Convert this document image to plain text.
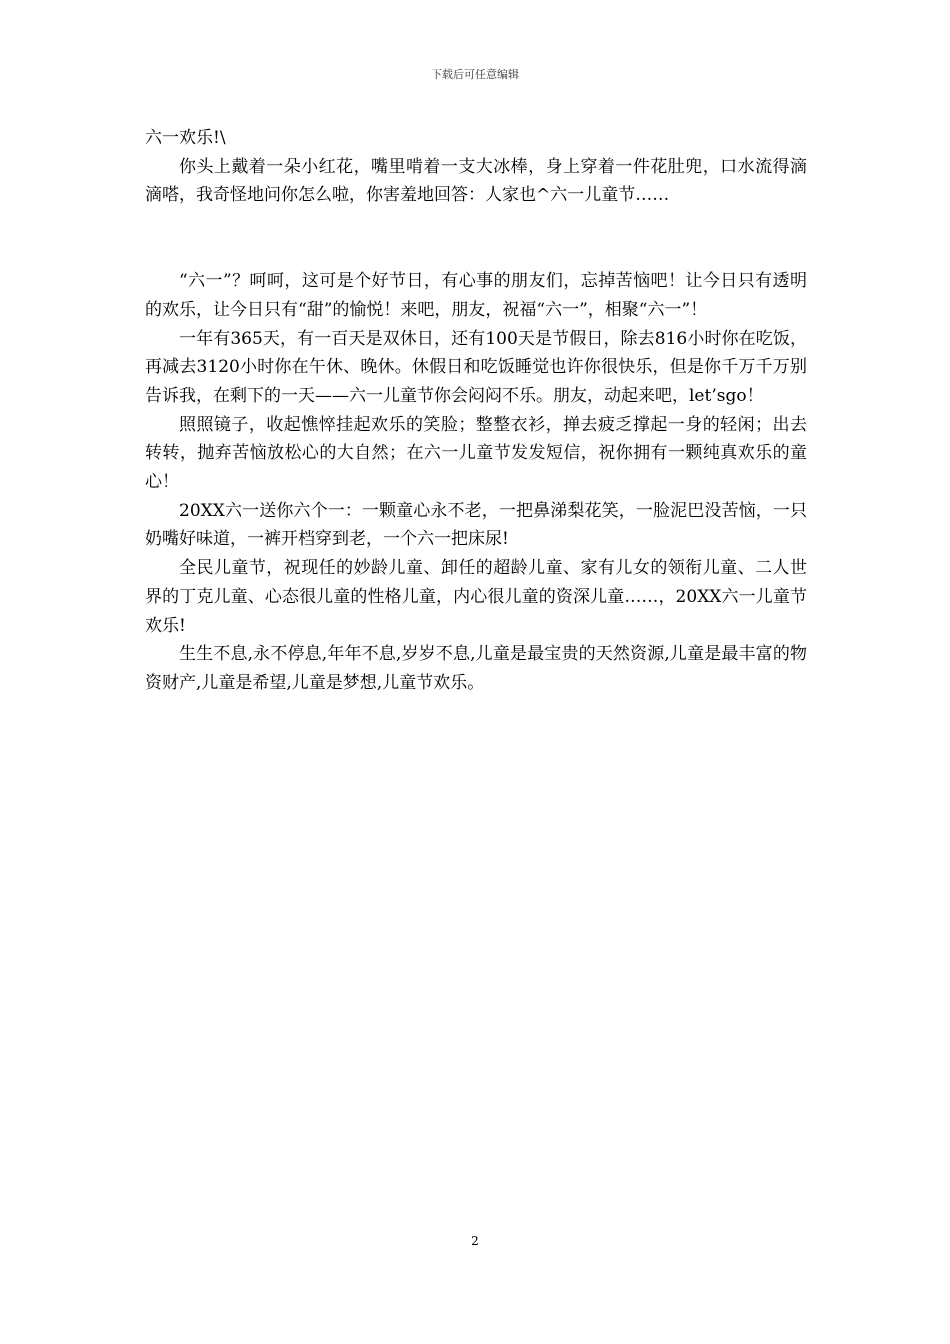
下载后可任意编辑

六一欢乐!\

你头上戴着一朵小红花，嘴里啃着一支大冰棒，身上穿着一件花肚兜，口水流得滴滴嗒，我奇怪地问你怎么啦，你害羞地回答：人家也^六一儿童节……

“六一”？呵呵，这可是个好节日，有心事的朋友们，忘掉苦恼吧！让今日只有透明的欢乐，让今日只有“甜”的愉悦！来吧，朋友，祝福“六一”，相聚“六一”！

一年有365天，有一百天是双休日，还有100天是节假日，除去816小时你在吃饭，再减去3120小时你在午休、晚休。休假日和吃饭睡觉也许你很快乐，但是你千万千万别告诉我，在剩下的一天——六一儿童节你会闷闷不乐。朋友，动起来吧，let’sgo！

照照镜子，收起憔悴挂起欢乐的笑脸；整整衣衫，掸去疲乏撑起一身的轻闲；出去转转，抛弃苦恼放松心的大自然；在六一儿童节发发短信，祝你拥有一颗纯真欢乐的童心！

20XX六一送你六个一：一颗童心永不老，一把鼻涕梨花笑，一脸泥巴没苦恼，一只奶嘴好味道，一裤开档穿到老，一个六一把床尿!

全民儿童节，祝现任的妙龄儿童、卸任的超龄儿童、家有儿女的领衔儿童、二人世界的丁克儿童、心态很儿童的性格儿童，内心很儿童的资深儿童……，20XX六一儿童节欢乐!

生生不息,永不停息,年年不息,岁岁不息,儿童是最宝贵的天然资源,儿童是最丰富的物资财产,儿童是希望,儿童是梦想,儿童节欢乐。

2
